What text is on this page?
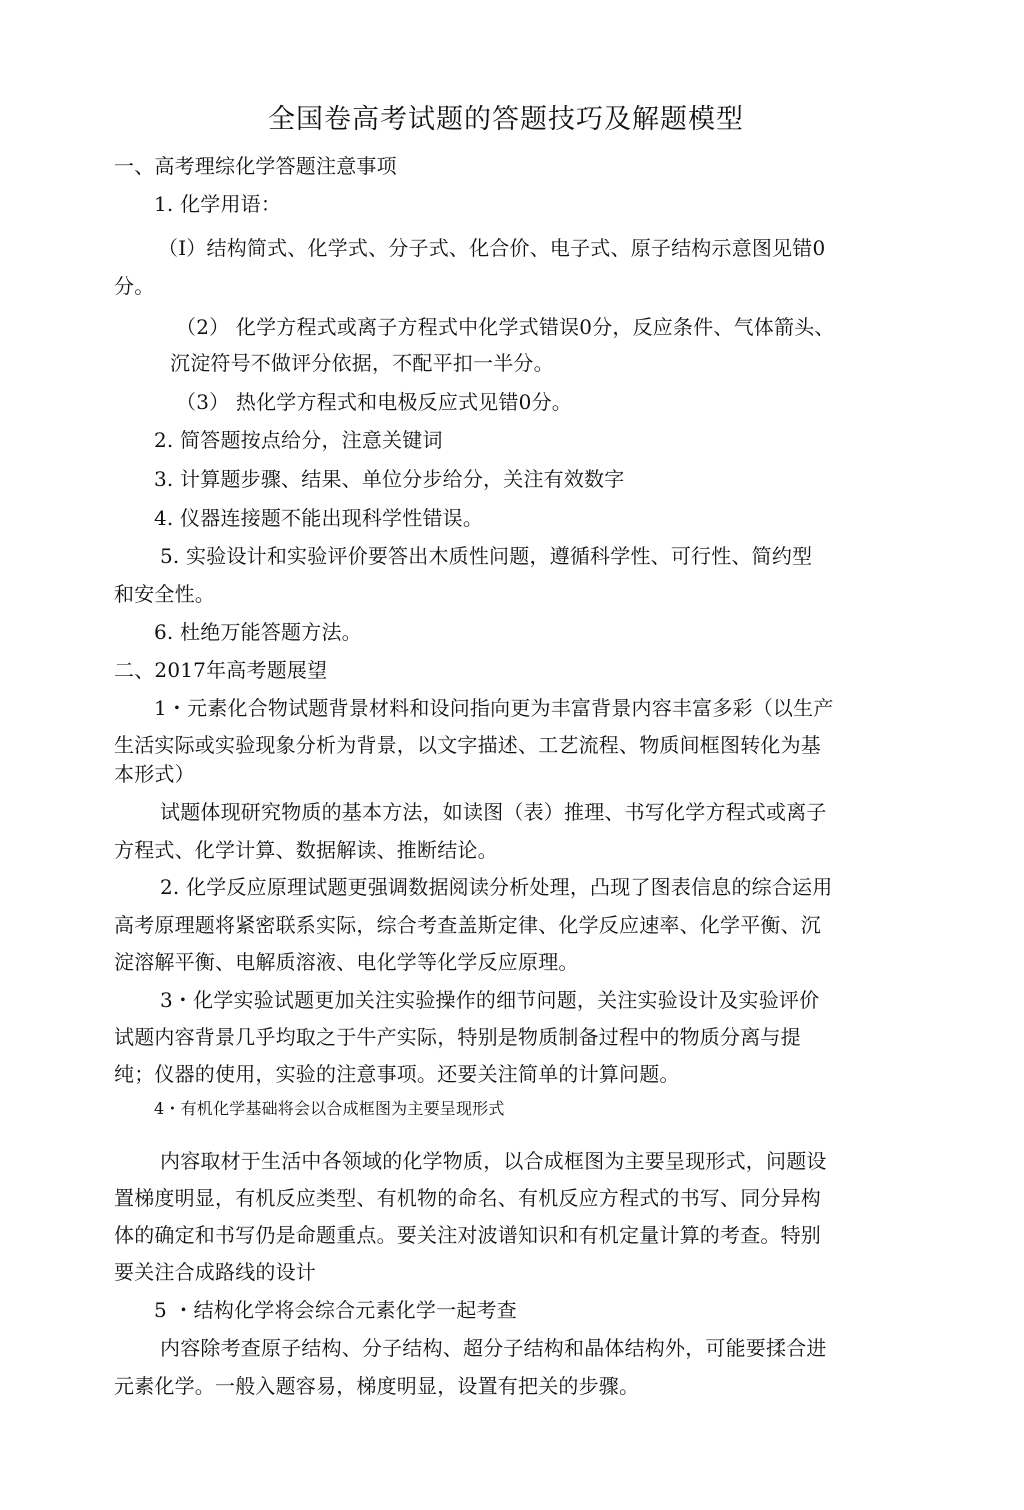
全国卷高考试题的答题技巧及解题模型

一、高考理综化学答题注意事项

1. 化学用语：

（I）结构简式、化学式、分子式、化合价、电子式、原子结构示意图见错0

分。

（2） 化学方程式或离子方程式中化学式错误0分，反应条件、气体箭头、

沉淀符号不做评分依据，不配平扣一半分。

（3） 热化学方程式和电极反应式见错0分。

2. 简答题按点给分，注意关键词

3. 计算题步骤、结果、单位分步给分，关注有效数字

4. 仪器连接题不能出现科学性错误。

5. 实验设计和实验评价要答出木质性问题，遵循科学性、可行性、简约型

和安全性。

6. 杜绝万能答题方法。

二、2017年高考题展望

1・元素化合物试题背景材料和设问指向更为丰富背景内容丰富多彩（以生产

生活实际或实验现象分析为背景，以文字描述、工艺流程、物质间框图转化为基

本形式）

试题体现研究物质的基本方法，如读图（表）推理、书写化学方程式或离子

方程式、化学计算、数据解读、推断结论。

2. 化学反应原理试题更强调数据阅读分析处理，凸现了图表信息的综合运用

高考原理题将紧密联系实际，综合考查盖斯定律、化学反应速率、化学平衡、沉

淀溶解平衡、电解质溶液、电化学等化学反应原理。

3・化学实验试题更加关注实验操作的细节问题，关注实验设计及实验评价

试题内容背景几乎均取之于牛产实际，特别是物质制备过程中的物质分离与提

纯；仪器的使用，实验的注意事项。还要关注简单的计算问题。

4・有机化学基础将会以合成框图为主要呈现形式

内容取材于生活中各领域的化学物质，以合成框图为主要呈现形式，问题设

置梯度明显，有机反应类型、有机物的命名、有机反应方程式的书写、同分异构

体的确定和书写仍是命题重点。要关注对波谱知识和有机定量计算的考查。特别

要关注合成路线的设计

5 ・结构化学将会综合元素化学一起考查

内容除考查原子结构、分子结构、超分子结构和晶体结构外，可能要揉合进

元素化学。一般入题容易，梯度明显，设置有把关的步骤。
